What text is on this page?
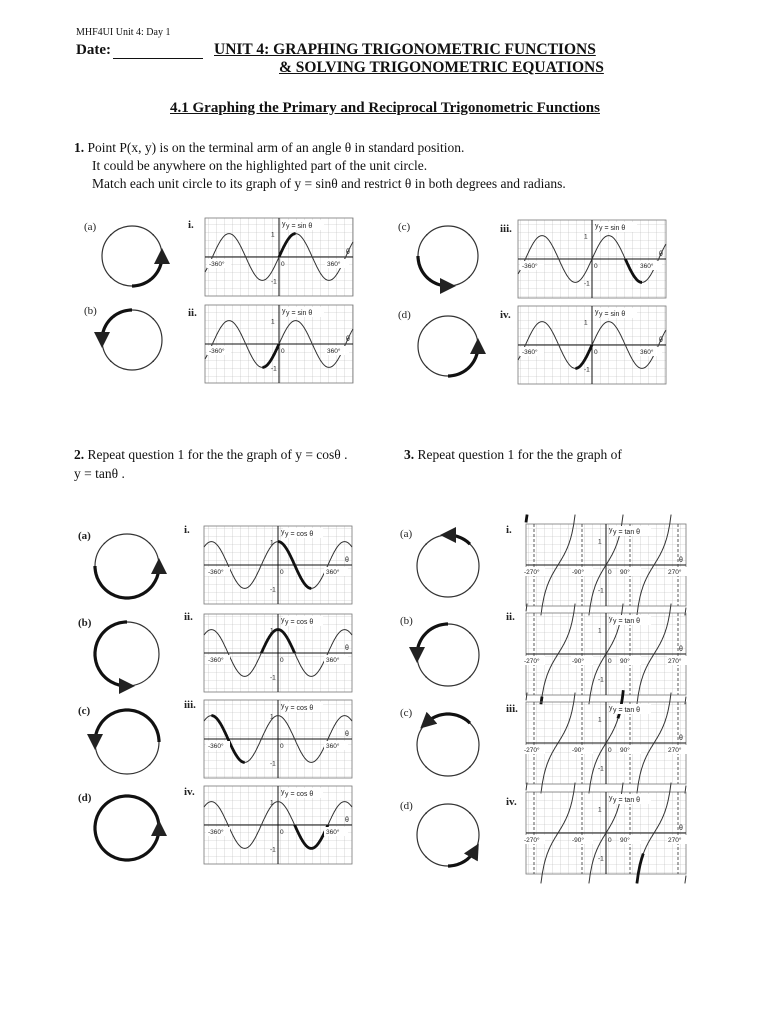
MHF4UI Unit 4: Day 1
Date:	UNIT 4: GRAPHING TRIGONOMETRIC FUNCTIONS
& SOLVING TRIGONOMETRIC EQUATIONS
4.1 Graphing the Primary and Reciprocal Trigonometric Functions
1. Point P(x, y) is on the terminal arm of an angle θ in standard position.
It could be anywhere on the highlighted part of the unit circle.
Match each unit circle to its graph of y = sinθ and restrict θ in both degrees and radians.
2. Repeat question 1 for the the graph of y = cosθ .	3. Repeat question 1 for the the graph of
y = tanθ .
(a)
(b)
(c)
(d)
i.
ii.
iii.
iv.
y = sin θ
1
-1
0
-360°	360°
y
θ
y = sin θ
1
-1
0
-360°	360°
y
θ
y = sin θ
1
-1
0
-360°	360°
y
θ
y = sin θ
1
-1
0
-360°	360°
y
θ
(a)	i.
(b)	ii.
(c)	iii.
(d)	iv.
y = cos θ
1
-1
0
-360°	360°
y
θ
y = cos θ
1
-1
0
-360°	360°
y
θ
y = cos θ
1
-1
0
-360°	360°
y
θ
y = cos θ
1
-1
0
-360°	360°
y
θ
(a)	i.
(b)	ii.
(c)	iii.
(d)	iv.
y = tan θ
1
-1
0
-270°	-90°	90°	270°
y
θ
y = tan θ
1
-1
0
-270°	-90°	90°	270°
y
θ
y = tan θ
1
-1
0
-270°	-90°	90°	270°
y
θ
y = tan θ
1
-1
0
-270°	-90°	90°	270°
y
θ
